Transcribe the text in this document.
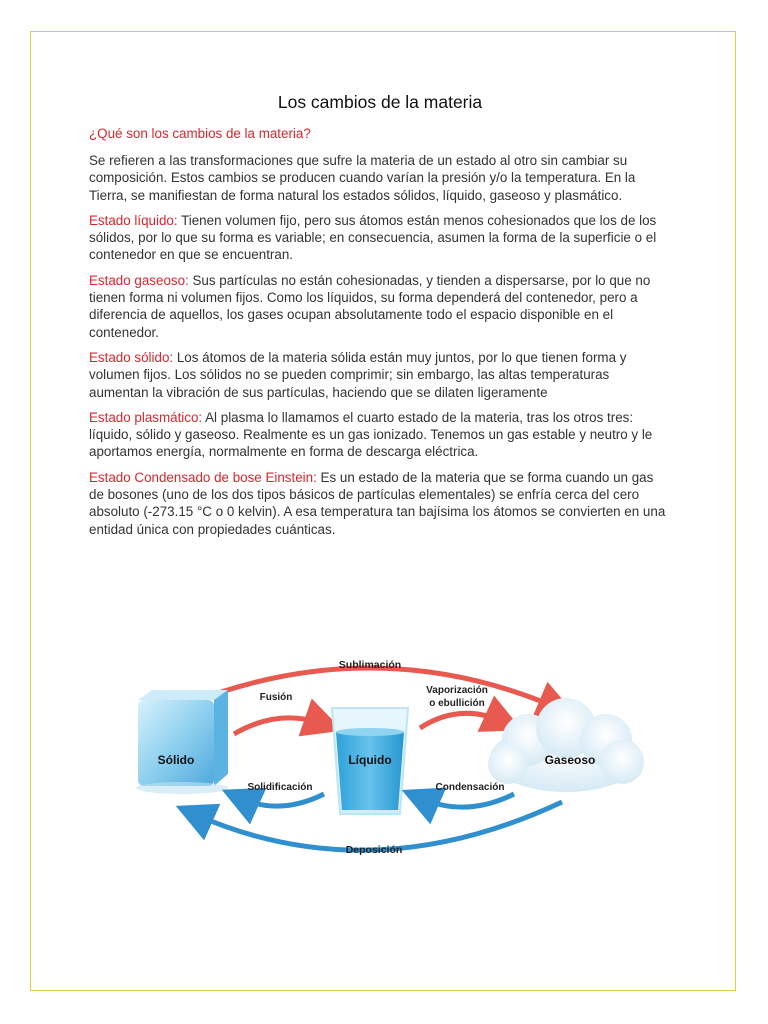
Los cambios de la materia
¿Qué son los cambios de la materia?

Se refieren a las transformaciones que sufre la materia de un estado al otro sin cambiar su composición. Estos cambios se producen cuando varían la presión y/o la temperatura. En la Tierra, se manifiestan de forma natural los estados sólidos, líquido, gaseoso y plasmático.

Estado líquido: Tienen volumen fijo, pero sus átomos están menos cohesionados que los de los sólidos, por lo que su forma es variable; en consecuencia, asumen la forma de la superficie o el contenedor en que se encuentran.

Estado gaseoso: Sus partículas no están cohesionadas, y tienden a dispersarse, por lo que no tienen forma ni volumen fijos. Como los líquidos, su forma dependerá del contenedor, pero a diferencia de aquellos, los gases ocupan absolutamente todo el espacio disponible en el contenedor.

Estado sólido: Los átomos de la materia sólida están muy juntos, por lo que tienen forma y volumen fijos. Los sólidos no se pueden comprimir; sin embargo, las altas temperaturas aumentan la vibración de sus partículas, haciendo que se dilaten ligeramente

Estado plasmático: Al plasma lo llamamos el cuarto estado de la materia, tras los otros tres: líquido, sólido y gaseoso. Realmente es un gas ionizado. Tenemos un gas estable y neutro y le aportamos energía, normalmente en forma de descarga eléctrica.

Estado Condensado de bose Einstein: Es un estado de la materia que se forma cuando un gas de bosones (uno de los dos tipos básicos de partículas elementales) se enfría cerca del cero absoluto (-273.15 °C o 0 kelvin). A esa temperatura tan bajísima los átomos se convierten en una entidad única con propiedades cuánticas.

Sublimación
Deposición
Sólido
Fusión
Solidificación
Líquido
Vaporización
o ebullición
Condensación
Gaseoso
